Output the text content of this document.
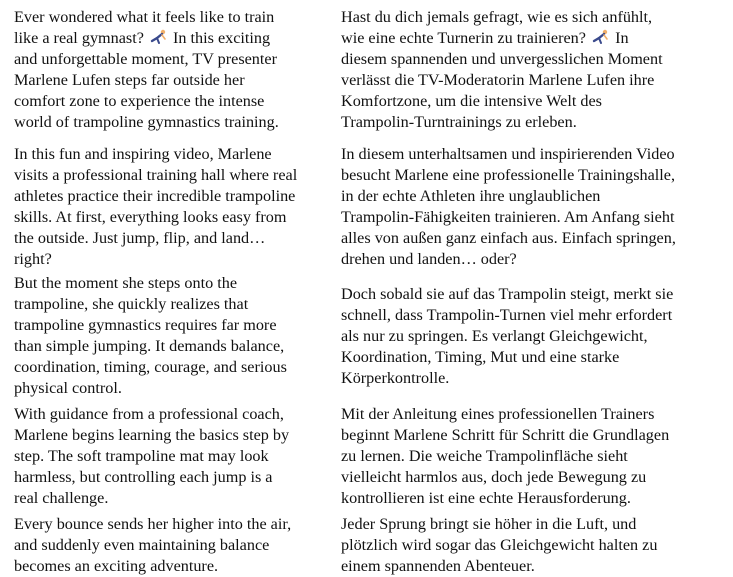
Ever wondered what it feels like to train
like a real gymnast?  In this exciting
and unforgettable moment, TV presenter
Marlene Lufen steps far outside her
comfort zone to experience the intense
world of trampoline gymnastics training.

Hast du dich jemals gefragt, wie es sich anfühlt,
wie eine echte Turnerin zu trainieren?  In
diesem spannenden und unvergesslichen Moment
verlässt die TV-Moderatorin Marlene Lufen ihre
Komfortzone, um die intensive Welt des
Trampolin-Turntrainings zu erleben.

In this fun and inspiring video, Marlene
visits a professional training hall where real
athletes practice their incredible trampoline
skills. At first, everything looks easy from
the outside. Just jump, flip, and land…
right?

In diesem unterhaltsamen und inspirierenden Video
besucht Marlene eine professionelle Trainingshalle,
in der echte Athleten ihre unglaublichen
Trampolin-Fähigkeiten trainieren. Am Anfang sieht
alles von außen ganz einfach aus. Einfach springen,
drehen und landen… oder?

But the moment she steps onto the
trampoline, she quickly realizes that
trampoline gymnastics requires far more
than simple jumping. It demands balance,
coordination, timing, courage, and serious
physical control.

Doch sobald sie auf das Trampolin steigt, merkt sie
schnell, dass Trampolin-Turnen viel mehr erfordert
als nur zu springen. Es verlangt Gleichgewicht,
Koordination, Timing, Mut und eine starke
Körperkontrolle.

With guidance from a professional coach,
Marlene begins learning the basics step by
step. The soft trampoline mat may look
harmless, but controlling each jump is a
real challenge.

Mit der Anleitung eines professionellen Trainers
beginnt Marlene Schritt für Schritt die Grundlagen
zu lernen. Die weiche Trampolinfläche sieht
vielleicht harmlos aus, doch jede Bewegung zu
kontrollieren ist eine echte Herausforderung.

Every bounce sends her higher into the air,
and suddenly even maintaining balance
becomes an exciting adventure.

Jeder Sprung bringt sie höher in die Luft, und
plötzlich wird sogar das Gleichgewicht halten zu
einem spannenden Abenteuer.
